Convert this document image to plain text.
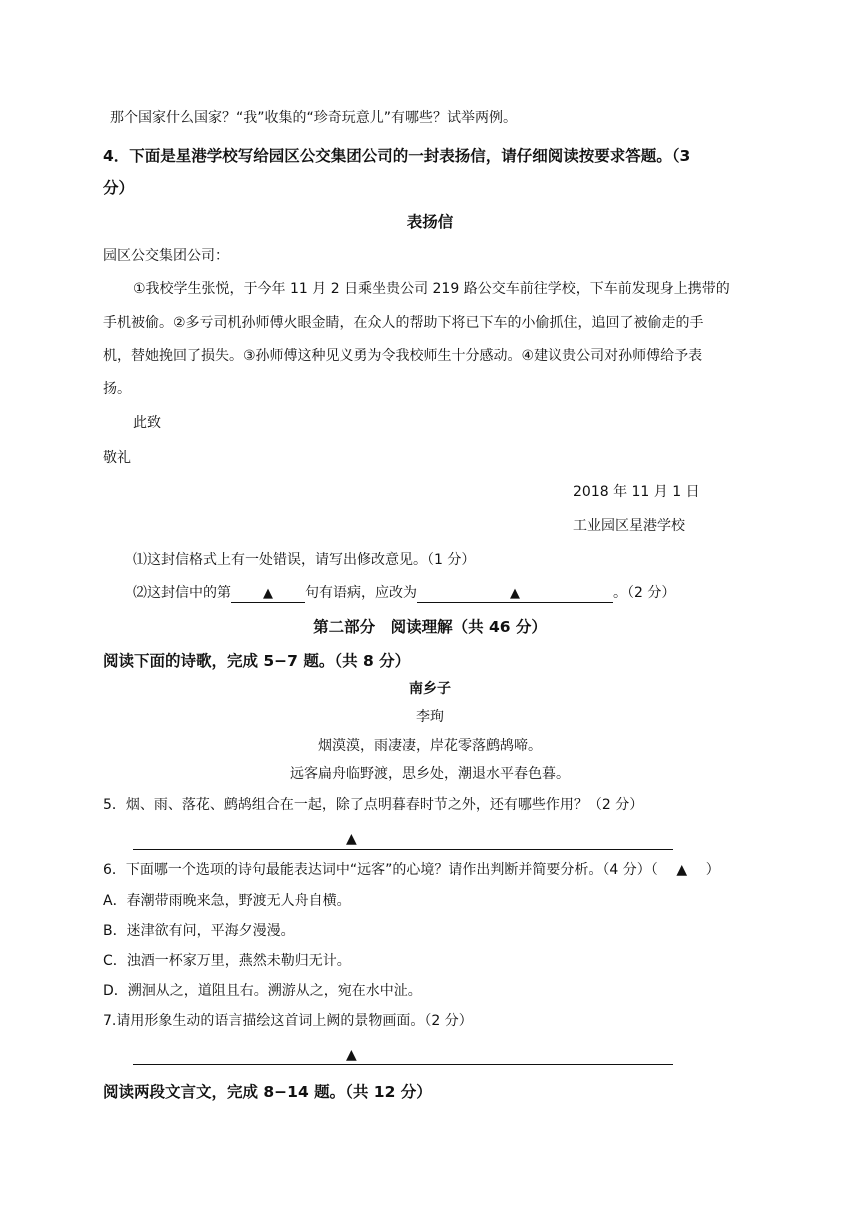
那个国家什么国家？“我”收集的“珍奇玩意儿”有哪些？试举两例。
4．下面是星港学校写给园区公交集团公司的一封表扬信，请仔细阅读按要求答题。（3
分）
表扬信
园区公交集团公司：
①我校学生张悦，于今年 11 月 2 日乘坐贵公司 219 路公交车前往学校，下车前发现身上携带的
手机被偷。②多亏司机孙师傅火眼金睛，在众人的帮助下将已下车的小偷抓住，追回了被偷走的手
机，替她挽回了损失。③孙师傅这种见义勇为令我校师生十分感动。④建议贵公司对孙师傅给予表
扬。
此致
敬礼
2018 年 11 月 1 日
工业园区星港学校
⑴这封信格式上有一处错误，请写出修改意见。（1 分）
⑵这封信中的第 ▲ 句有语病，应改为	▲	。（2 分）
第二部分　阅读理解（共 46 分）
阅读下面的诗歌，完成 5−7 题。（共 8 分）
南乡子
李珣
烟漠漠，雨凄凄，岸花零落鹧鸪啼。
远客扁舟临野渡，思乡处，潮退水平春色暮。
5．烟、雨、落花、鹧鸪组合在一起，除了点明暮春时节之外，还有哪些作用？（2 分）
▲
6．下面哪一个选项的诗句最能表达词中“远客”的心境？请作出判断并简要分析。（4 分）（ ▲ ）
A．春潮带雨晚来急，野渡无人舟自横。
B．迷津欲有问，平海夕漫漫。
C．浊酒一杯家万里，燕然未勒归无计。
D．溯洄从之，道阻且右。溯游从之，宛在水中沚。
7.请用形象生动的语言描绘这首词上阙的景物画面。（2 分）
▲
阅读两段文言文，完成 8−14 题。（共 12 分）
